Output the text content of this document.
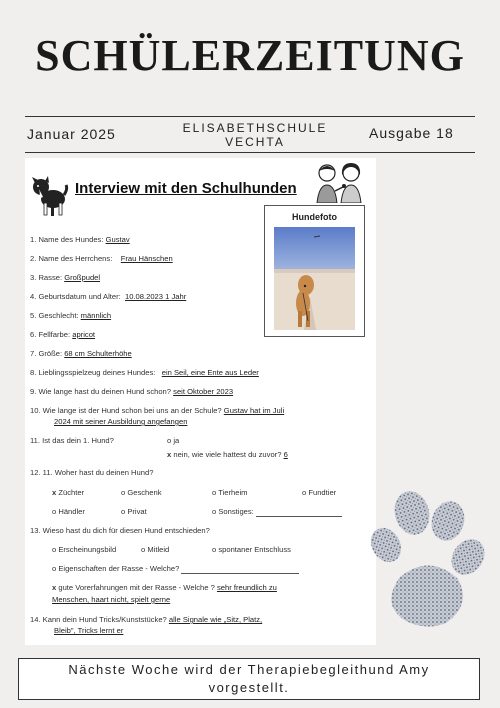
SCHÜLERZEITUNG
Januar 2025	ELISABETHSCHULE
VECHTA
Ausgabe 18
Interview mit den Schulhunden
Hundefoto
1. Name des Hundes: Gustav
2. Name des Herrchens: Frau Hänschen
3. Rasse: Großpudel
4. Geburtsdatum und Alter: 10.08.2023 1 Jahr
5. Geschlecht: männlich
6. Fellfarbe: apricot
7. Größe: 68 cm Schulterhöhe
8. Lieblingsspielzeug deines Hundes: ein Seil, eine Ente aus Leder
9. Wie lange hast du deinen Hund schon? seit Oktober 2023
10. Wie lange ist der Hund schon bei uns an der Schule? Gustav hat im Juli
2024 mit seiner Ausbildung angefangen
11. Ist das dein 1. Hund?	o ja
x nein, wie viele hattest du zuvor? 6
12. 11. Woher hast du deinen Hund?
x Züchter	o Geschenk	o Tierheim	o Fundtier
o Händler	o Privat	o Sonstiges:
13. Wieso hast du dich für diesen Hund entschieden?
o Erscheinungsbild	o Mitleid	o spontaner Entschluss
o Eigenschaften der Rasse - Welche?
x gute Vorerfahrungen mit der Rasse - Welche ? sehr freundlich zu
Menschen, haart nicht, spielt gerne
14. Kann dein Hund Tricks/Kunststücke? alle Signale wie „Sitz, Platz,
Bleib", Tricks lernt er
Nächste Woche wird der Therapiebegleithund Amy
vorgestellt.
